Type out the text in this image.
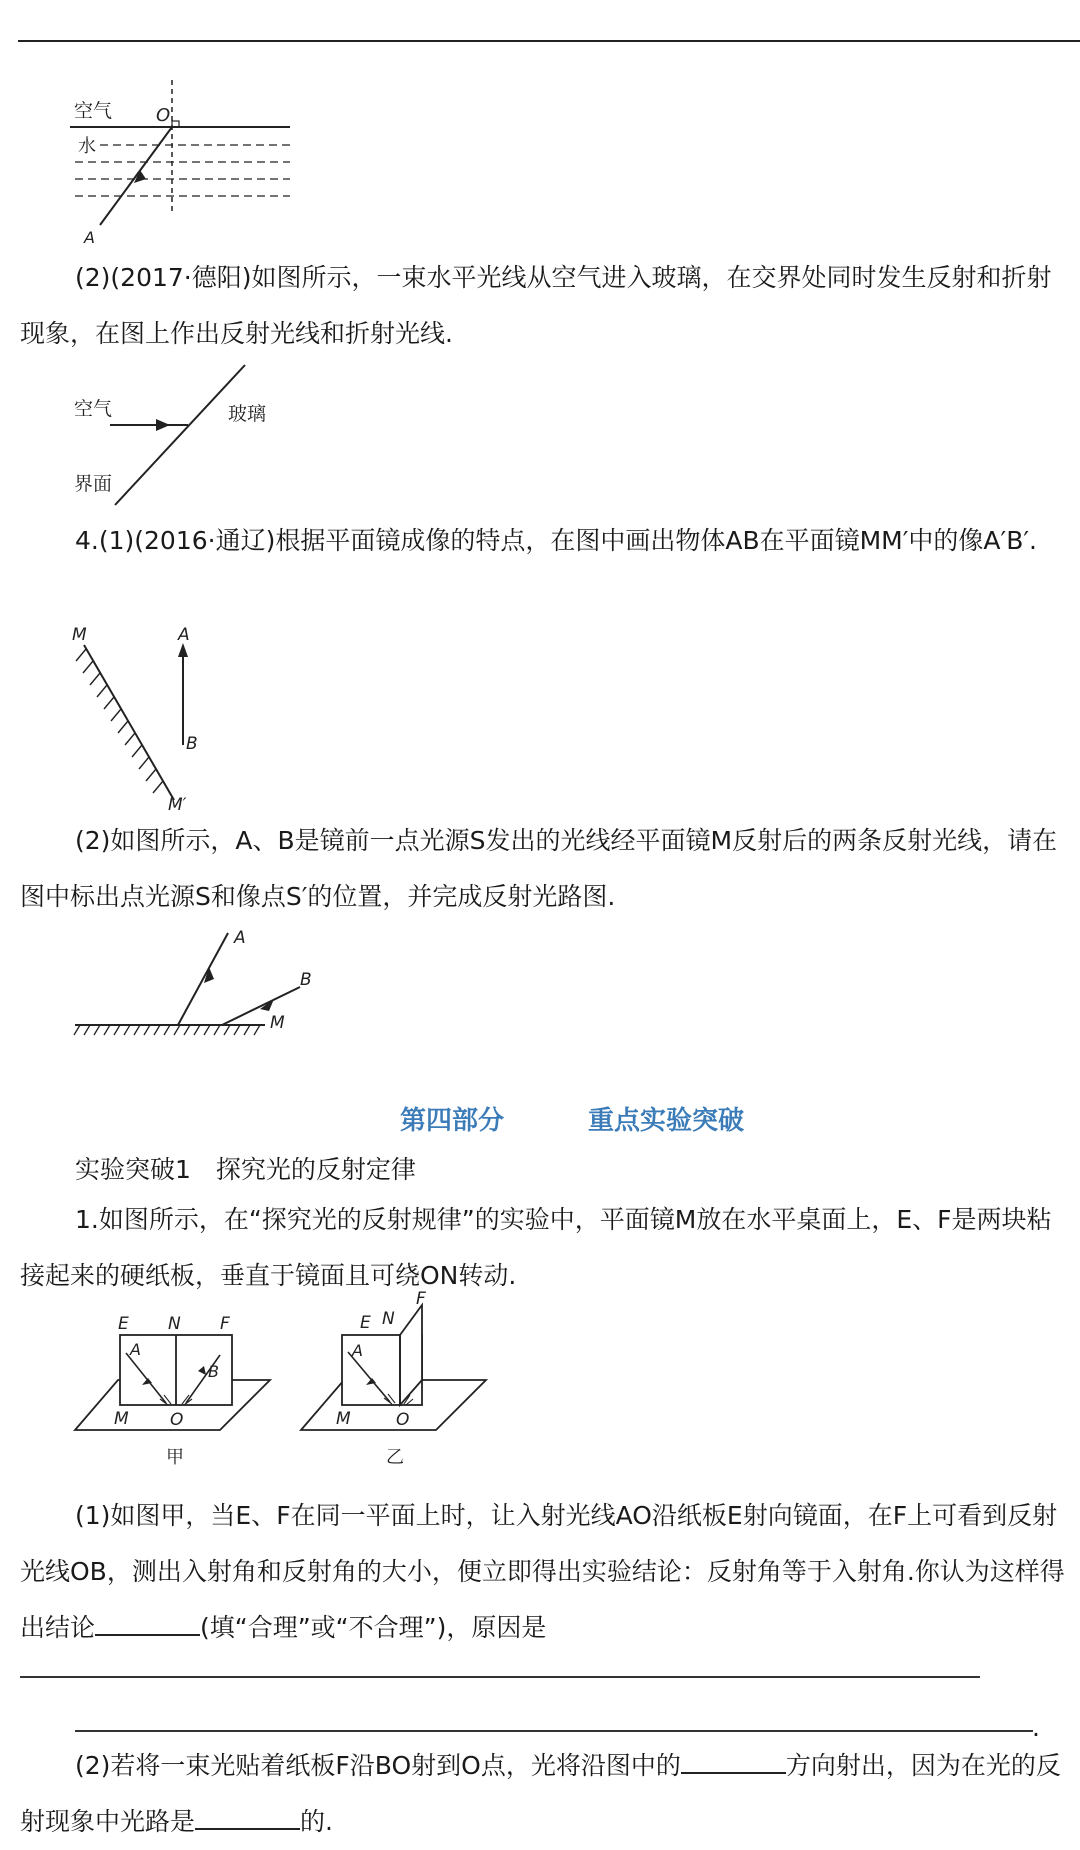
空气
水
O
A

(2)(2017·德阳)如图所示，一束水平光线从空气进入玻璃，在交界处同时发生反射和折射现象，在图上作出反射光线和折射光线.

空气	玻璃
界面

4.(1)(2016·通辽)根据平面镜成像的特点，在图中画出物体AB在平面镜MM′中的像A′B′.

M	A
B
M′

(2)如图所示，A、B是镜前一点光源S发出的光线经平面镜M反射后的两条反射光线，请在图中标出点光源S和像点S′的位置，并完成反射光路图.

A
B
M
第四部分	重点实验突破

实验突破1　探究光的反射定律

1.如图所示，在“探究光的反射规律”的实验中，平面镜M放在水平桌面上，E、F是两块粘接起来的硬纸板，垂直于镜面且可绕ON转动.

E N F
A
B
O
M
甲
E N
F
A
O
M
乙

(1)如图甲，当E、F在同一平面上时，让入射光线AO沿纸板E射向镜面，在F上可看到反射光线OB，测出入射角和反射角的大小，便立即得出实验结论：反射角等于入射角.你认为这样得出结论	(填“合理”或“不合理”)，原因是

.

(2)若将一束光贴着纸板F沿BO射到O点，光将沿图中的	方向射出，因为在光的反射现象中光路是	的.
